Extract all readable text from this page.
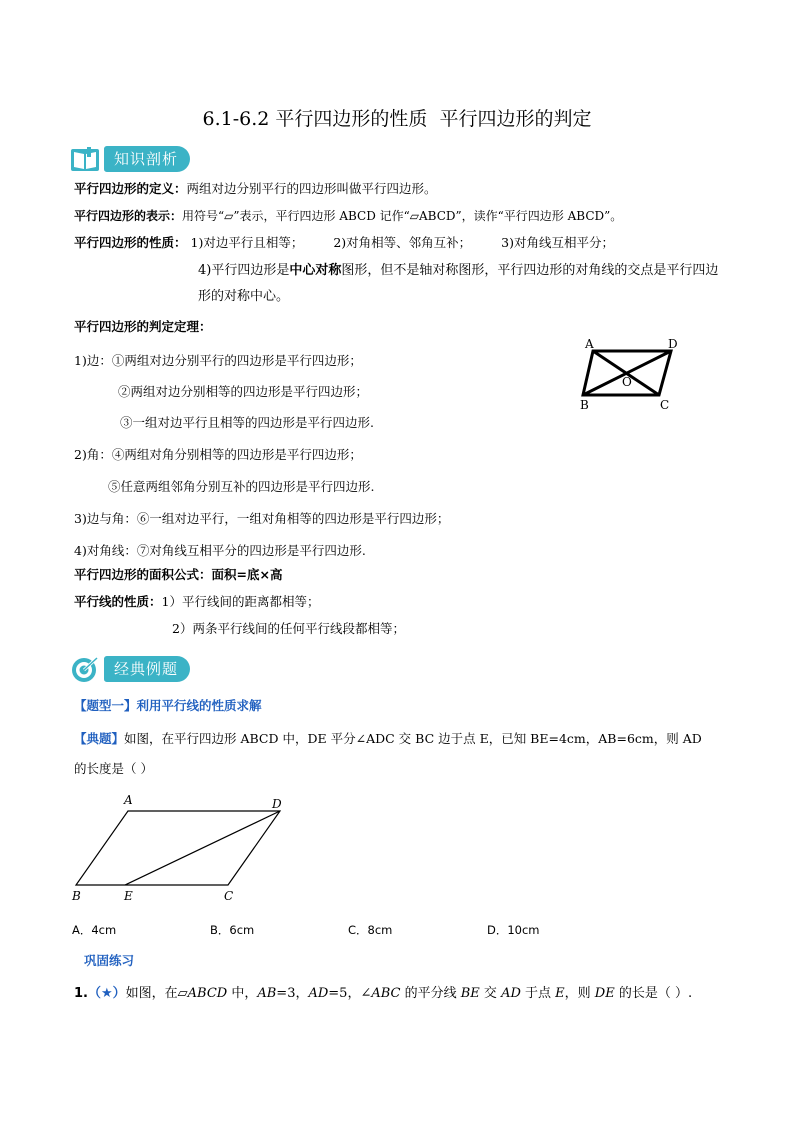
6.1-6.2 平行四边形的性质  平行四边形的判定
知识剖析
平行四边形的定义：两组对边分别平行的四边形叫做平行四边形。
平行四边形的表示：用符号“▱”表示，平行四边形 ABCD 记作“▱ABCD”，读作“平行四边形 ABCD”。
平行四边形的性质： 1)对边平行且相等； 2)对角相等、邻角互补； 3)对角线互相平分；
4)平行四边形是中心对称图形，但不是轴对称图形，平行四边形的对角线的交点是平行四边
形的对称中心。
平行四边形的判定定理：
1)边：①两组对边分别平行的四边形是平行四边形；
②两组对边分别相等的四边形是平行四边形；
③一组对边平行且相等的四边形是平行四边形.
2)角：④两组对角分别相等的四边形是平行四边形；
⑤任意两组邻角分别互补的四边形是平行四边形.
3)边与角：⑥一组对边平行，一组对角相等的四边形是平行四边形；
4)对角线：⑦对角线互相平分的四边形是平行四边形.
A	D
B	C
O
平行四边形的面积公式：面积=底×高
平行线的性质：1）平行线间的距离都相等；
2）两条平行线间的任何平行线段都相等；
经典例题
【题型一】利用平行线的性质求解
【典题】如图，在平行四边形 ABCD 中，DE 平分∠ADC 交 BC 边于点 E，已知 BE=4cm，AB=6cm，则 AD
的长度是（ ）
A	D
B	E	C
A．4cm	B．6cm	C．8cm	D．10cm
巩固练习
1.（★）如图，在▱ABCD 中，AB=3，AD=5，∠ABC 的平分线 BE 交 AD 于点 E，则 DE 的长是（ ）.
